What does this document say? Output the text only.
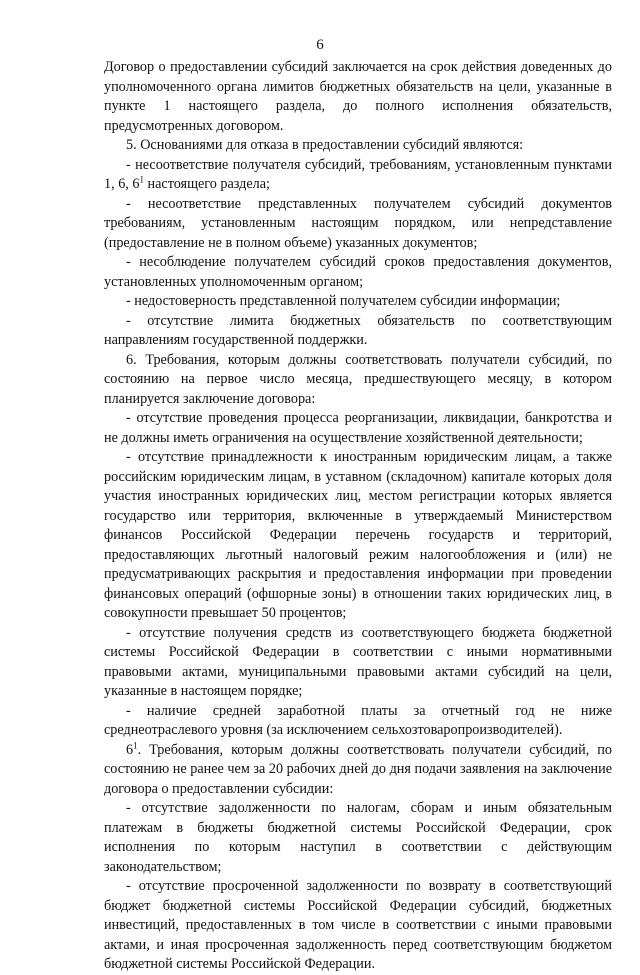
6

Договор о предоставлении субсидий заключается на срок действия доведенных до уполномоченного органа лимитов бюджетных обязательств на цели, указанные в пункте 1 настоящего раздела, до полного исполнения обязательств, предусмотренных договором.

5. Основаниями для отказа в предоставлении субсидий являются:

- несоответствие получателя субсидий, требованиям, установленным пунктами 1, 6, $6^1$ настоящего раздела;

- несоответствие представленных получателем субсидий документов требованиям, установленным настоящим порядком, или непредставление (предоставление не в полном объеме) указанных документов;

- несоблюдение получателем субсидий сроков предоставления документов, установленных уполномоченным органом;

- недостоверность представленной получателем субсидии информации;

- отсутствие лимита бюджетных обязательств по соответствующим направлениям государственной поддержки.

6. Требования, которым должны соответствовать получатели субсидий, по состоянию на первое число месяца, предшествующего месяцу, в котором планируется заключение договора:

- отсутствие проведения процесса реорганизации, ликвидации, банкротства и не должны иметь ограничения на осуществление хозяйственной деятельности;

- отсутствие принадлежности к иностранным юридическим лицам, а также российским юридическим лицам, в уставном (складочном) капитале которых доля участия иностранных юридических лиц, местом регистрации которых является государство или территория, включенные в утверждаемый Министерством финансов Российской Федерации перечень государств и территорий, предоставляющих льготный налоговый режим налогообложения и (или) не предусматривающих раскрытия и предоставления информации при проведении финансовых операций (офшорные зоны) в отношении таких юридических лиц, в совокупности превышает 50 процентов;

- отсутствие получения средств из соответствующего бюджета бюджетной системы Российской Федерации в соответствии с иными нормативными правовыми актами, муниципальными правовыми актами субсидий на цели, указанные в настоящем порядке;

- наличие средней заработной платы за отчетный год не ниже среднеотраслевого уровня (за исключением сельхозтоваропроизводителей).

$6^1$. Требования, которым должны соответствовать получатели субсидий, по состоянию не ранее чем за 20 рабочих дней до дня подачи заявления на заключение договора о предоставлении субсидии:

- отсутствие задолженности по налогам, сборам и иным обязательным платежам в бюджеты бюджетной системы Российской Федерации, срок исполнения по которым наступил в соответствии с действующим законодательством;

- отсутствие просроченной задолженности по возврату в соответствующий бюджет бюджетной системы Российской Федерации субсидий, бюджетных инвестиций, предоставленных в том числе в соответствии с иными правовыми актами, и иная просроченная задолженность перед соответствующим бюджетом бюджетной системы Российской Федерации.
